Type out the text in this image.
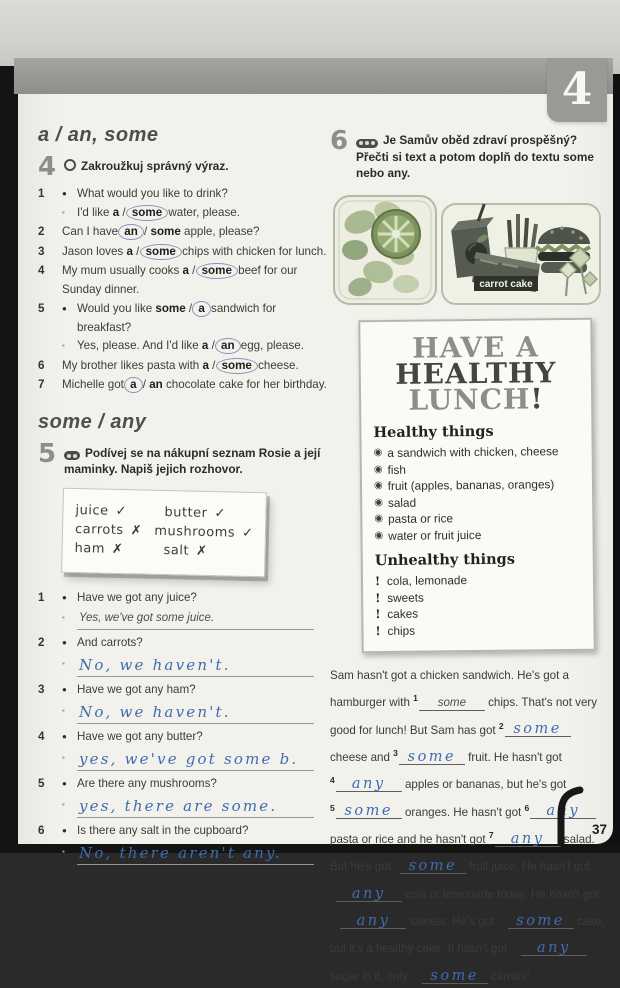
4
a / an, some
4	Zakroužkuj správný výraz.
1	● What would you like to drink?
▪	I'd like a / some water, please.
2	Can I have an / some apple, please?
3	Jason loves a / some chips with chicken for lunch.
4	My mum usually cooks a / some beef for our Sunday dinner.
5	● Would you like some / a sandwich for breakfast?
▪	Yes, please. And I'd like a / an egg, please.
6	My brother likes pasta with a / some cheese.
7	Michelle got a / an chocolate cake for her birthday.
some / any
5	Podívej se na nákupní seznam Rosie a její maminky. Napiš jejich rozhovor.
juice ✓	butter ✓
carrots ✗ mushrooms ✓
ham ✗	salt ✗
1	● Have we got any juice?
▪	Yes, we've got some juice.
2	● And carrots?
▪ No, we haven't.
3	● Have we got any ham?
▪ No, we haven't.
4	● Have we got any butter?
▪ yes, we've got some b.
5	● Are there any mushrooms?
▪ yes, there are some.
6	● Is there any salt in the cupboard?
▪ No, there aren't any.
6	Je Samův oběd zdraví prospěšný? Přečti si text a potom doplň do textu some nebo any.
carrot cake
HAVE A
HEALTHY
LUNCH!
Healthy things
◉ a sandwich with chicken, cheese
◉ fish
◉ fruit (apples, bananas, oranges)
◉ salad
◉ pasta or rice
◉ water or fruit juice
Unhealthy things
! cola, lemonade
! sweets
! cakes
! chips
Sam hasn't got a chicken sandwich. He's got a hamburger with $^1$ some chips. That's not very good for lunch! But Sam has got $^2$ some cheese and $^3$ some fruit. He hasn't got $^4$ any apples or bananas, but he's got $^5$ some oranges. He hasn't got $^6$ any pasta or rice and he hasn't got $^7$ any salad. But he's got $^8$ some fruit juice. He hasn't got $^9$ any cola or lemonade today. He hasn't got $^{10}$ any sweets. He's got $^{11}$ some cake, but it's a healthy cake. It hasn't got $^{12}$ any sugar in it, only $^{13}$ some carrots!
37
